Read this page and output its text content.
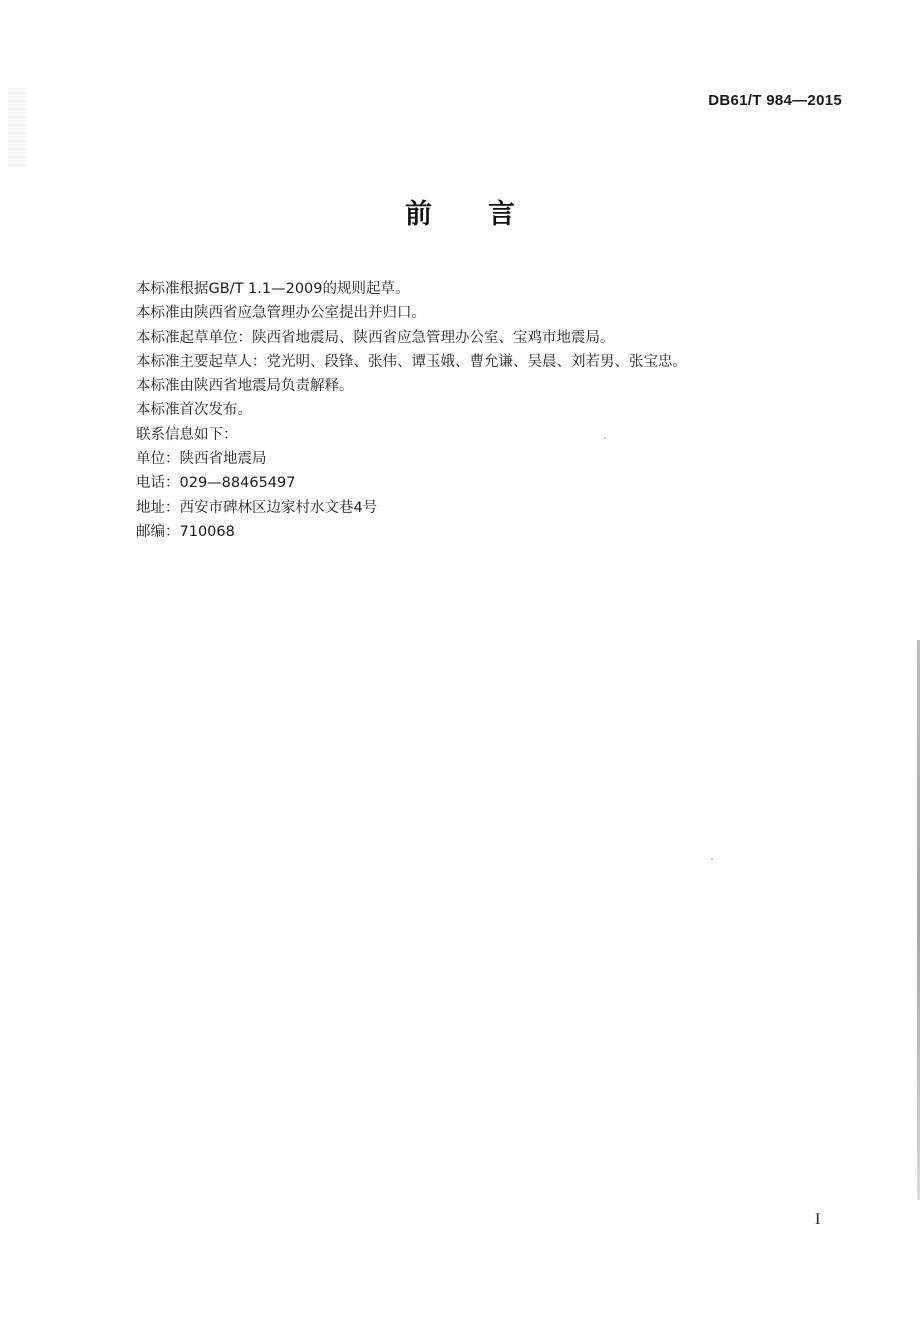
DB61/T 984—2015
前 言
本标准根据GB/T 1.1—2009的规则起草。
本标准由陕西省应急管理办公室提出并归口。
本标准起草单位：陕西省地震局、陕西省应急管理办公室、宝鸡市地震局。
本标准主要起草人：党光明、段锋、张伟、谭玉娥、曹允谦、吴晨、刘若男、张宝忠。
本标准由陕西省地震局负责解释。
本标准首次发布。
联系信息如下：
单位：陕西省地震局
电话：029—88465497
地址：西安市碑林区边家村水文巷4号
邮编：710068
I
